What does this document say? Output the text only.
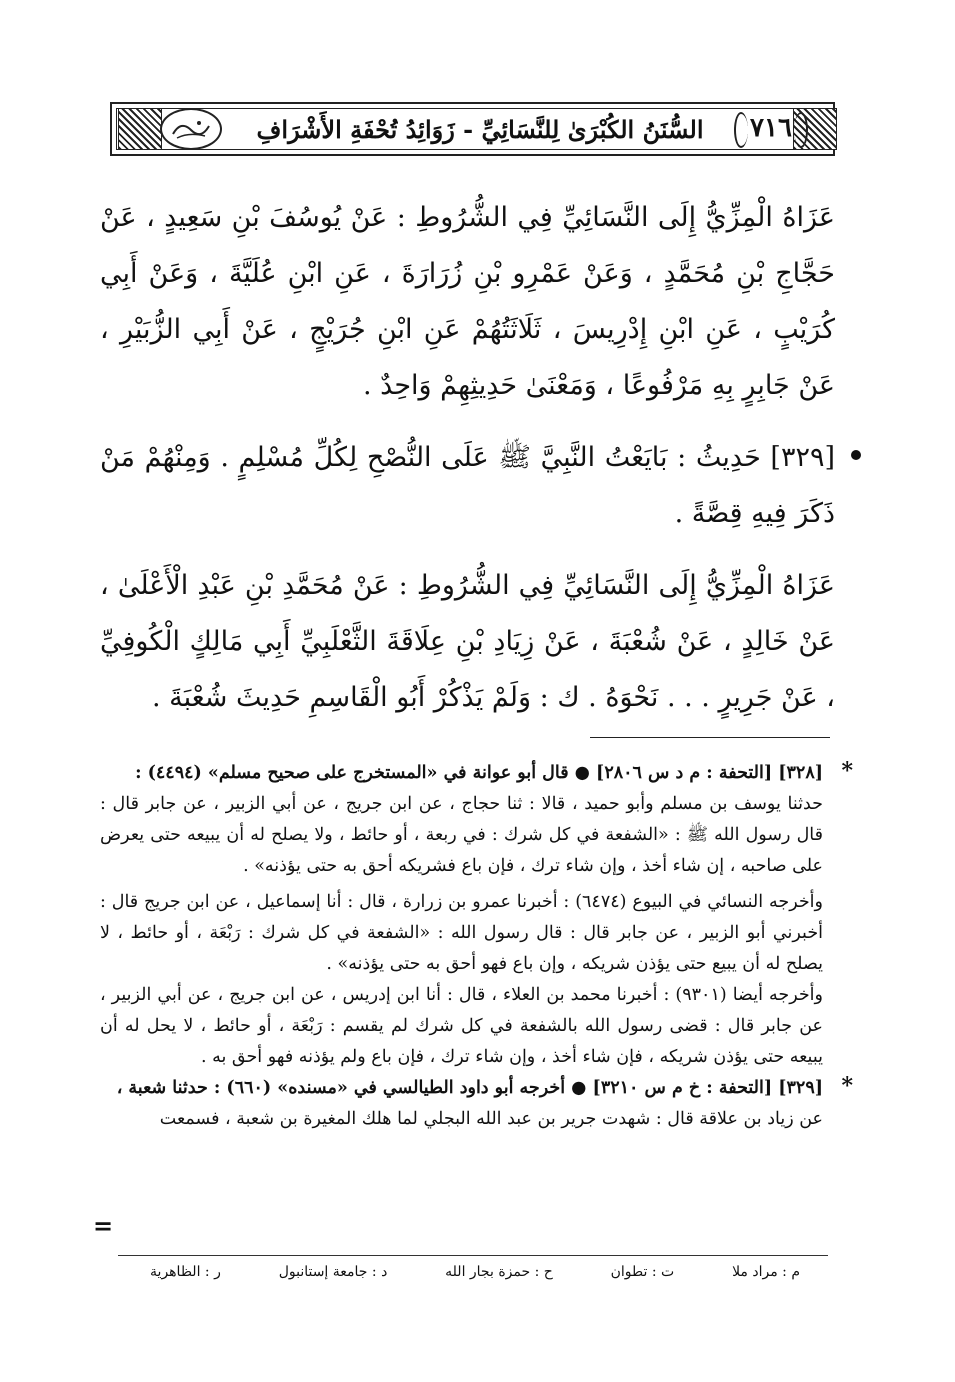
السُّنَنُ الكُبْرَىٰ لِلنَّسَائِيِّ - زَوَائِدُ تُحْفَةِ الأَشْرَافِ	٧١٦

عَزَاهُ الْمِزِّيُّ إِلَى النَّسَائِيِّ فِي الشُّرُوطِ : عَنْ يُوسُفَ بْنِ سَعِيدٍ ، عَنْ حَجَّاجِ بْنِ مُحَمَّدٍ ، وَعَنْ عَمْرِو بْنِ زُرَارَةَ ، عَنِ ابْنِ عُلَيَّةَ ، وَعَنْ أَبِي كُرَيْبٍ ، عَنِ ابْنِ إِدْرِيسَ ، ثَلَاثَتُهُمْ عَنِ ابْنِ جُرَيْجٍ ، عَنْ أَبِي الزُّبَيْرِ ، عَنْ جَابِرٍ بِهِ مَرْفُوعًا ، وَمَعْنَىٰ حَدِيثِهِمْ وَاحِدٌ .

[٣٢٩] حَدِيثُ : بَايَعْتُ النَّبِيَّ ﷺ عَلَى النُّصْحِ لِكُلِّ مُسْلِمٍ . وَمِنْهُمْ مَنْ ذَكَرَ فِيهِ قِصَّةً .

عَزَاهُ الْمِزِّيُّ إِلَى النَّسَائِيِّ فِي الشُّرُوطِ : عَنْ مُحَمَّدِ بْنِ عَبْدِ الْأَعْلَىٰ ، عَنْ خَالِدٍ ، عَنْ شُعْبَةَ ، عَنْ زِيَادِ بْنِ عِلَاقَةَ الثَّعْلَبِيِّ أَبِي مَالِكٍ الْكُوفِيِّ ، عَنْ جَرِيرٍ . . . نَحْوَهُ . ك : وَلَمْ يَذْكُرْ أَبُو الْقَاسِمِ حَدِيثَ شُعْبَةَ .

*

[٣٢٨] [التحفة : م د س ٢٨٠٦] ● قال أبو عوانة في «المستخرج على صحيح مسلم» (٤٤٩٤) :

حدثنا يوسف بن مسلم وأبو حميد ، قالا : ثنا حجاج ، عن ابن جريج ، عن أبي الزبير ، عن جابر قال : قال رسول الله ﷺ : «الشفعة في كل شرك : في ربعة ، أو حائط ، ولا يصلح له أن يبيعه حتى يعرض على صاحبه ، إن شاء أخذ ، وإن شاء ترك ، فإن باع فشريكه أحق به حتى يؤذنه» .

وأخرجه النسائي في البيوع (٦٤٧٤) : أخبرنا عمرو بن زرارة ، قال : أنا إسماعيل ، عن ابن جريج قال : أخبرني أبو الزبير ، عن جابر قال : قال رسول الله : «الشفعة في كل شرك : رَبْعَة ، أو حائط ، لا يصلح له أن يبيع حتى يؤذن شريكه ، وإن باع فهو أحق به حتى يؤذنه» .

وأخرجه أيضا (٩٣٠١) : أخبرنا محمد بن العلاء ، قال : أنا ابن إدريس ، عن ابن جريج ، عن أبي الزبير ، عن جابر قال : قضى رسول الله بالشفعة في كل شرك لم يقسم : رَبْعَة ، أو حائط ، لا يحل له أن يبيعه حتى يؤذن شريكه ، فإن شاء أخذ ، وإن شاء ترك ، فإن باع ولم يؤذنه فهو أحق به .

*

[٣٢٩] [التحفة : خ م س ٣٢١٠] ● أخرجه أبو داود الطيالسي في «مسنده» (٦٦٠) : حدثنا شعبة ،

عن زياد بن علاقة قال : شهدت جرير بن عبد الله البجلي لما هلك المغيرة بن شعبة ، فسمعت

=
م : مراد ملا
ت : تطوان
ح : حمزة بجار الله
د : جامعة إستانبول
ر : الظاهرية
